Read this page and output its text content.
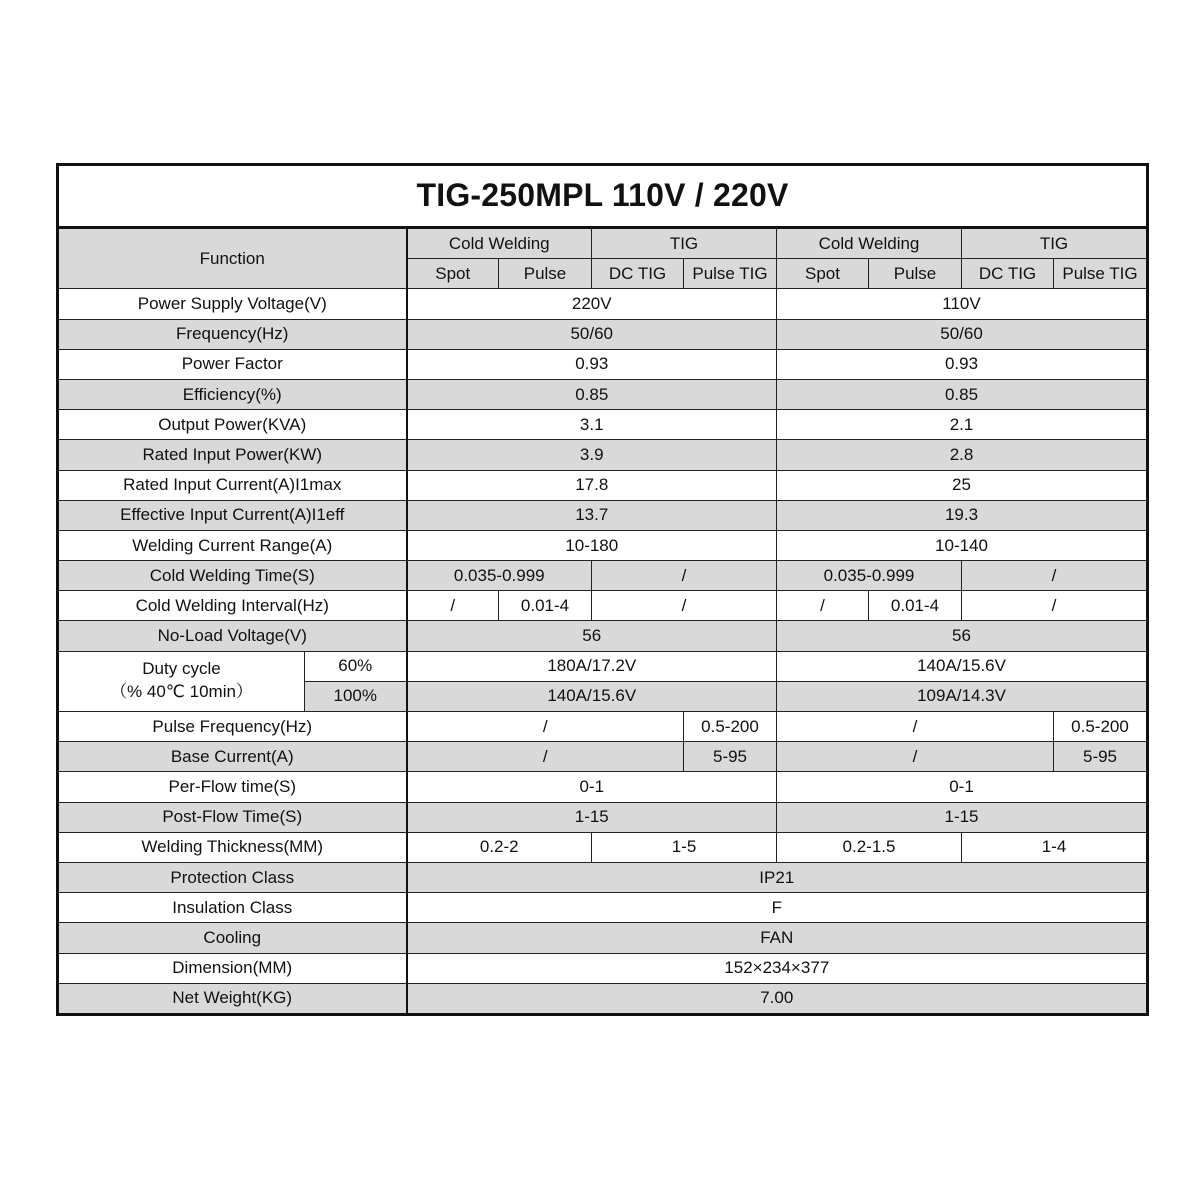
TIG-250MPL 110V / 220V									
Function		Cold Welding		TIG		Cold Welding		TIG	
		Spot	Pulse	DC TIG	Pulse TIG	Spot	Pulse	DC TIG	Pulse TIG
Power Supply Voltage(V)		220V				110V			
Frequency(Hz)		50/60				50/60			
Power Factor		0.93				0.93			
Efficiency(%)		0.85				0.85			
Output Power(KVA)		3.1				2.1			
Rated Input Power(KW)		3.9				2.8			
Rated Input Current(A)I1max		17.8				25			
Effective Input Current(A)I1eff		13.7				19.3			
Welding Current Range(A)		10-180				10-140			
Cold Welding Time(S)		0.035-0.999		/		0.035-0.999		/	
Cold Welding Interval(Hz)		/	0.01-4	/		/	0.01-4	/	
No-Load Voltage(V)		56				56			

Duty cycle
（% 40℃ 10min）	60%	180A/17.2V				140A/15.6V			
	100%	140A/15.6V				109A/14.3V			
Pulse Frequency(Hz)		/			0.5-200	/			0.5-200
Base Current(A)		/			5-95	/			5-95
Per-Flow time(S)		0-1				0-1			
Post-Flow Time(S)		1-15				1-15			
Welding Thickness(MM)		0.2-2		1-5		0.2-1.5		1-4	
Protection Class		IP21							
Insulation Class		F							
Cooling		FAN							
Dimension(MM)		152×234×377							
Net Weight(KG)		7.00							
